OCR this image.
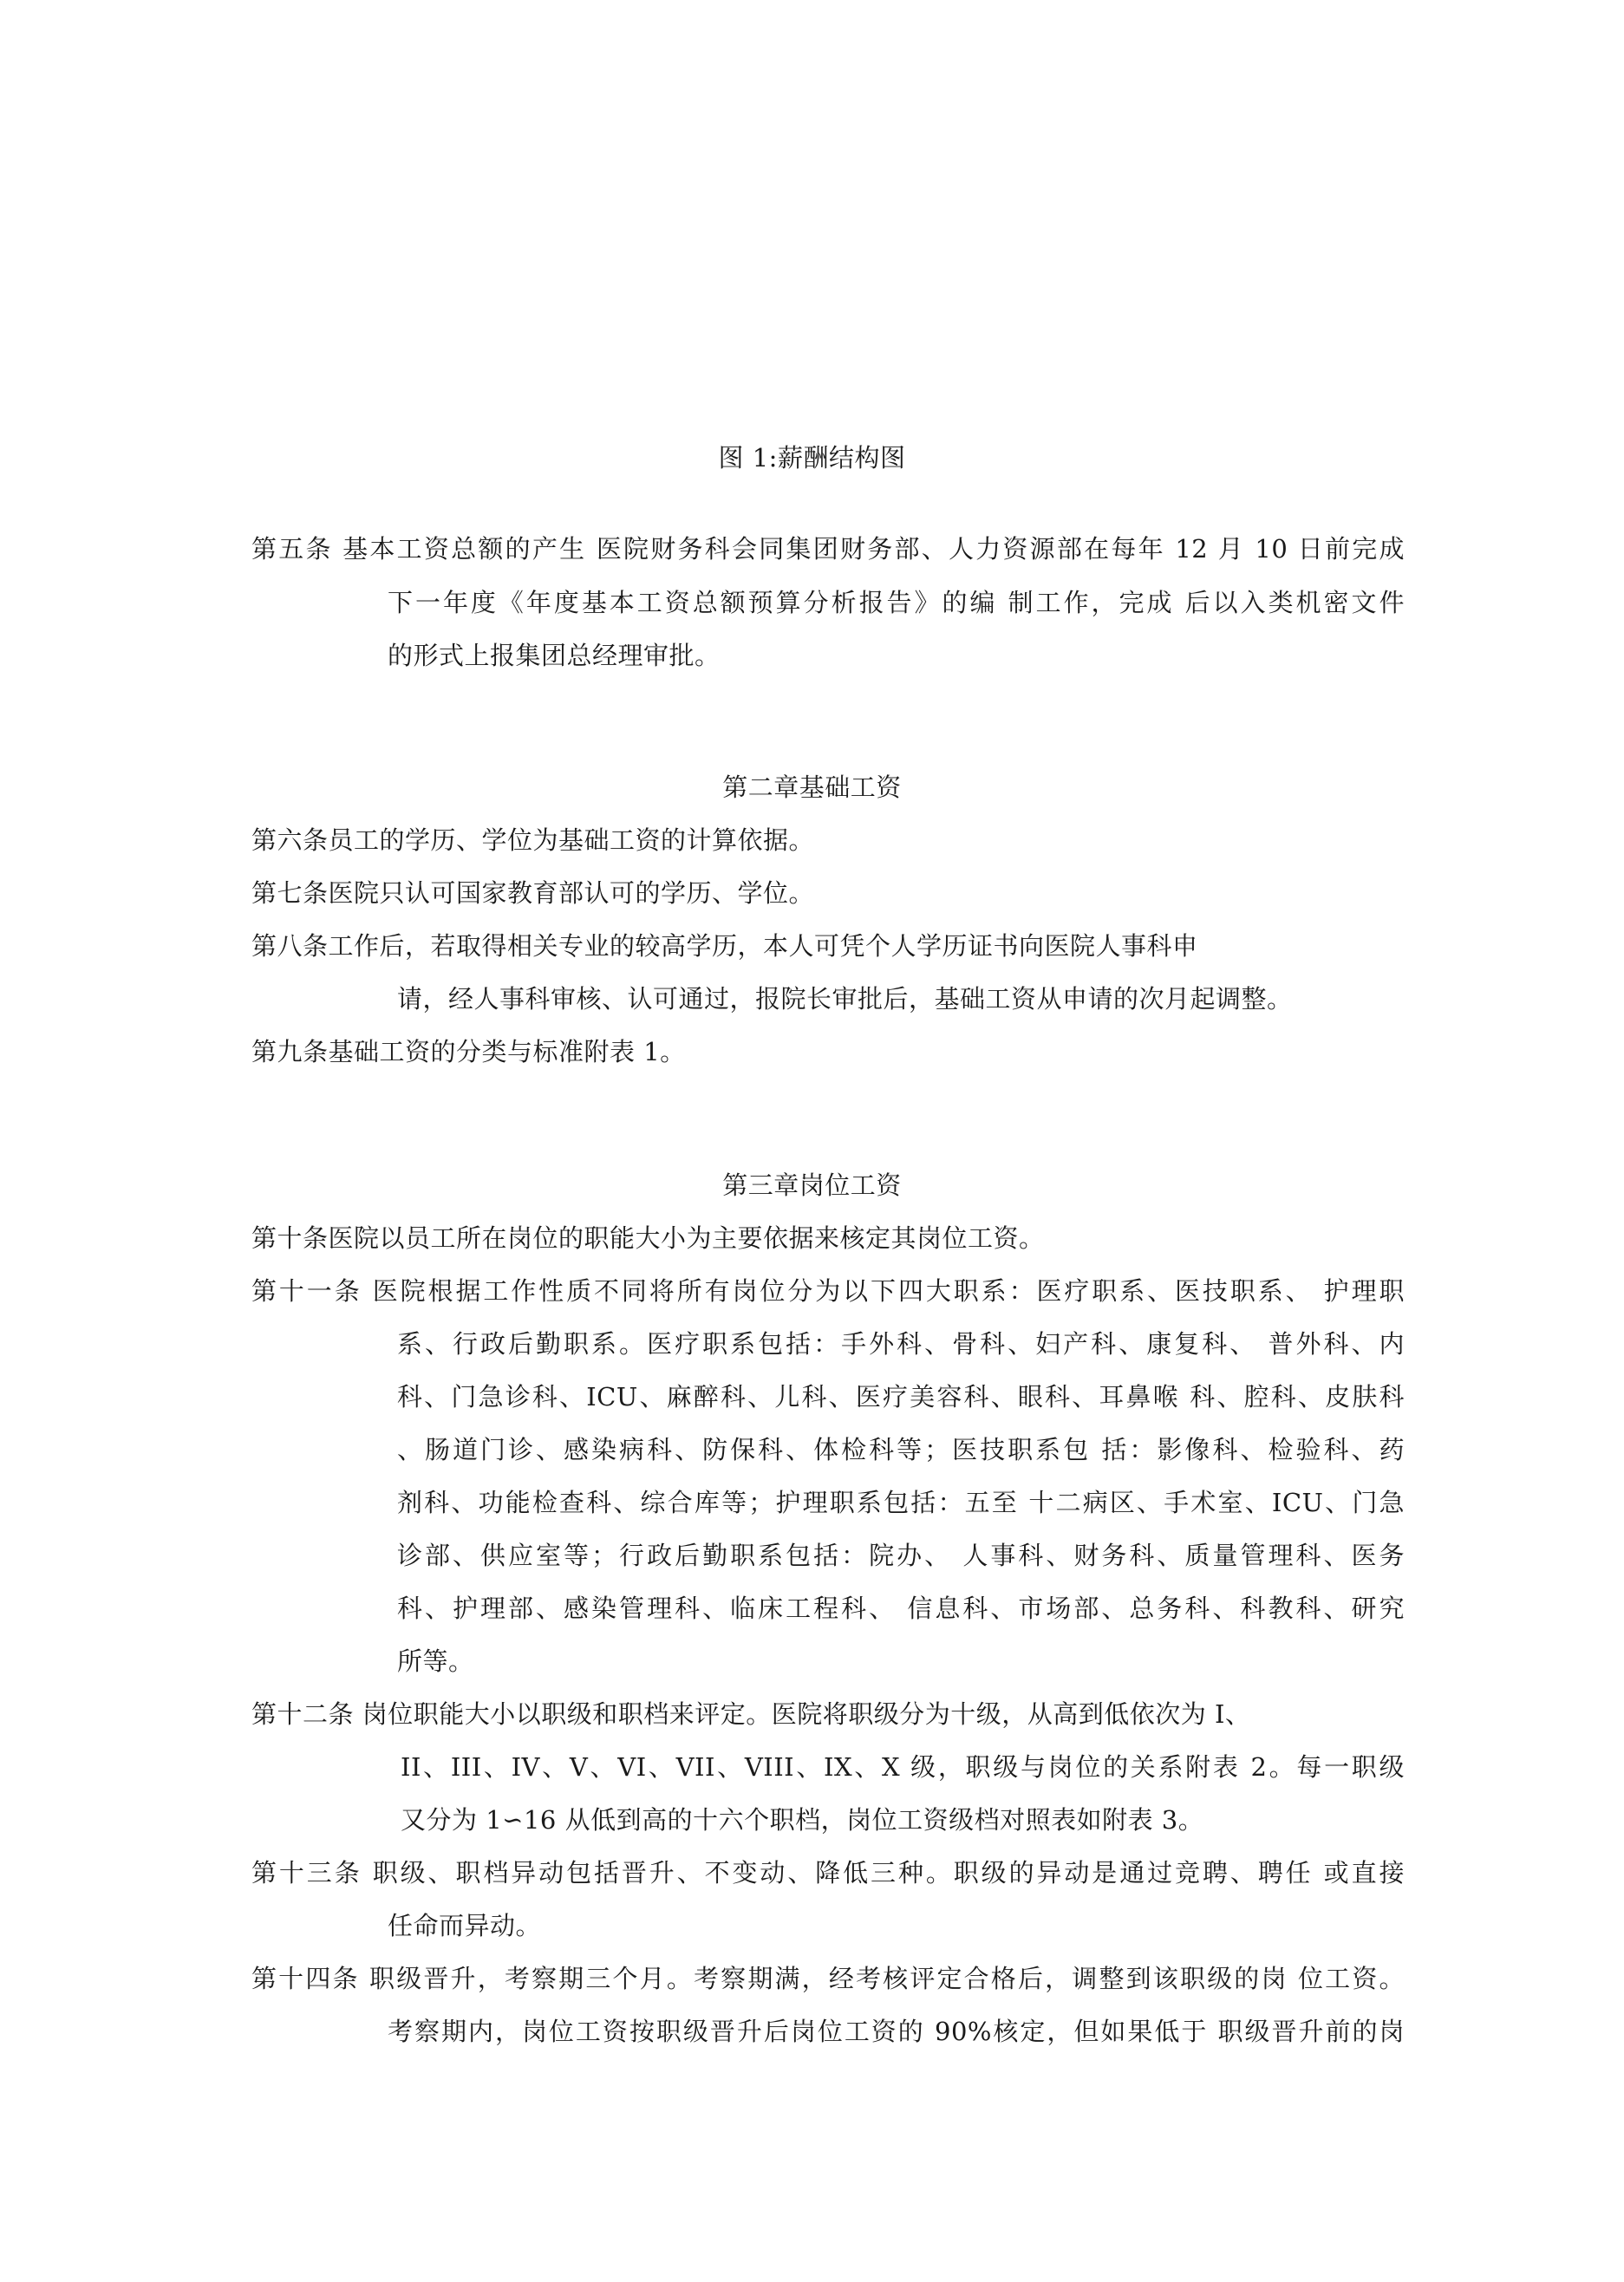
图 1:薪酬结构图
第五条 基本工资总额的产生 医院财务科会同集团财务部、人力资源部在每年 12 月 10 日前完成
下一年度《年度基本工资总额预算分析报告》的编 制工作，完成 后以入类机密文件
的形式上报集团总经理审批。
第二章基础工资
第六条员工的学历、学位为基础工资的计算依据。
第七条医院只认可国家教育部认可的学历、学位。
第八条工作后，若取得相关专业的较高学历，本人可凭个人学历证书向医院人事科申
请，经人事科审核、认可通过，报院长审批后，基础工资从申请的次月起调整。
第九条基础工资的分类与标准附表 1。
第三章岗位工资
第十条医院以员工所在岗位的职能大小为主要依据来核定其岗位工资。
第十一条 医院根据工作性质不同将所有岗位分为以下四大职系：医疗职系、医技职系、 护理职
系、行政后勤职系。医疗职系包括：手外科、骨科、妇产科、康复科、 普外科、内
科、门急诊科、ICU、麻醉科、儿科、医疗美容科、眼科、耳鼻喉 科、腔科、皮肤科
、肠道门诊、感染病科、防保科、体检科等；医技职系包 括：影像科、检验科、药
剂科、功能检查科、综合库等；护理职系包括：五至 十二病区、手术室、ICU、门急
诊部、供应室等；行政后勤职系包括：院办、 人事科、财务科、质量管理科、医务
科、护理部、感染管理科、临床工程科、 信息科、市场部、总务科、科教科、研究
所等。
第十二条 岗位职能大小以职级和职档来评定。医院将职级分为十级，从高到低依次为 I、
II、III、IV、V、VI、VII、VIII、IX、X 级，职级与岗位的关系附表 2。每一职级
又分为 1∽16 从低到高的十六个职档，岗位工资级档对照表如附表 3。
第十三条 职级、职档异动包括晋升、不变动、降低三种。职级的异动是通过竞聘、聘任 或直接
任命而异动。
第十四条 职级晋升，考察期三个月。考察期满，经考核评定合格后，调整到该职级的岗 位工资。
考察期内，岗位工资按职级晋升后岗位工资的 90%核定，但如果低于 职级晋升前的岗
